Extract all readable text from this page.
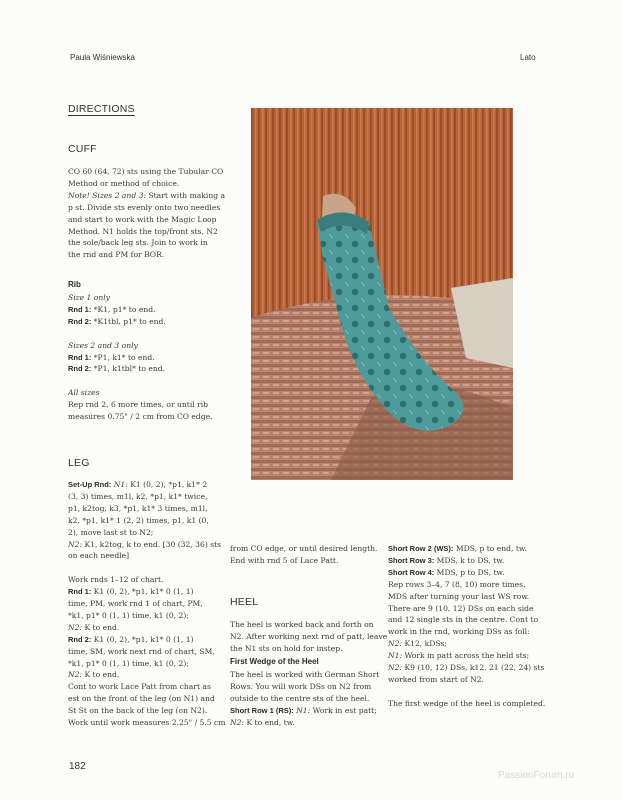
Paula Wiśniewska	Lato
DIRECTIONS
CUFF

CO 60 (64, 72) sts using the Tubular CO

Method or method of choice.

Note! Sizes 2 and 3: Start with making a

p st. Divide sts evenly onto two needles

and start to work with the Magic Loop

Method. N1 holds the top/front sts, N2

the sole/back leg sts. Join to work in

the rnd and PM for BOR.

Rib

Size 1 only

Rnd 1: *K1, p1* to end.

Rnd 2: *K1tbl, p1* to end.

Sizes 2 and 3 only

Rnd 1: *P1, k1* to end.

Rnd 2: *P1, k1tbl* to end.

All sizes

Rep rnd 2, 6 more times, or until rib

measures 0.75" / 2 cm from CO edge.

LEG

Set-Up Rnd: N1: K1 (0, 2), *p1, k1* 2

(3, 3) times, m1l, k2, *p1, k1* twice,

p1, k2tog, k3, *p1, k1* 3 times, m1l,

k2, *p1, k1* 1 (2, 2) times, p1, k1 (0,

2), move last st to N2;

N2: K1, k2tog, k to end. [30 (32, 36) sts

on each needle]

Work rnds 1–12 of chart.

Rnd 1: K1 (0, 2), *p1, k1* 0 (1, 1)

time, PM, work rnd 1 of chart, PM,

*k1, p1* 0 (1, 1) time, k1 (0, 2);

N2: K to end.

Rnd 2: K1 (0, 2), *p1, k1* 0 (1, 1)

time, SM, work next rnd of chart, SM,

*k1, p1* 0 (1, 1) time, k1 (0, 2);

N2: K to end.

Cont to work Lace Patt from chart as

est on the front of the leg (on N1) and

St St on the back of the leg (on N2).

Work until work measures 2.25" / 5.5 cm

from CO edge, or until desired length.

End with rnd 5 of Lace Patt.

HEEL

The heel is worked back and forth on

N2. After working next rnd of patt, leave

the N1 sts on hold for instep.

First Wedge of the Heel

The heel is worked with German Short

Rows. You will work DSs on N2 from

outside to the centre sts of the heel.

Short Row 1 (RS): N1: Work in est patt;

N2: K to end, tw.

Short Row 2 (WS): MDS, p to end, tw.

Short Row 3: MDS, k to DS, tw.

Short Row 4: MDS, p to DS, tw.

Rep rows 3–4, 7 (8, 10) more times.

MDS after turning your last WS row.

There are 9 (10, 12) DSs on each side

and 12 single sts in the centre. Cont to

work in the rnd, working DSs as foll:

N2: K12, kDSs;

N1: Work in patt across the held sts;

N2: K9 (10, 12) DSs, k12. 21 (22, 24) sts

worked from start of N2.

The first wedge of the heel is completed.

182
PassionForum.ru
